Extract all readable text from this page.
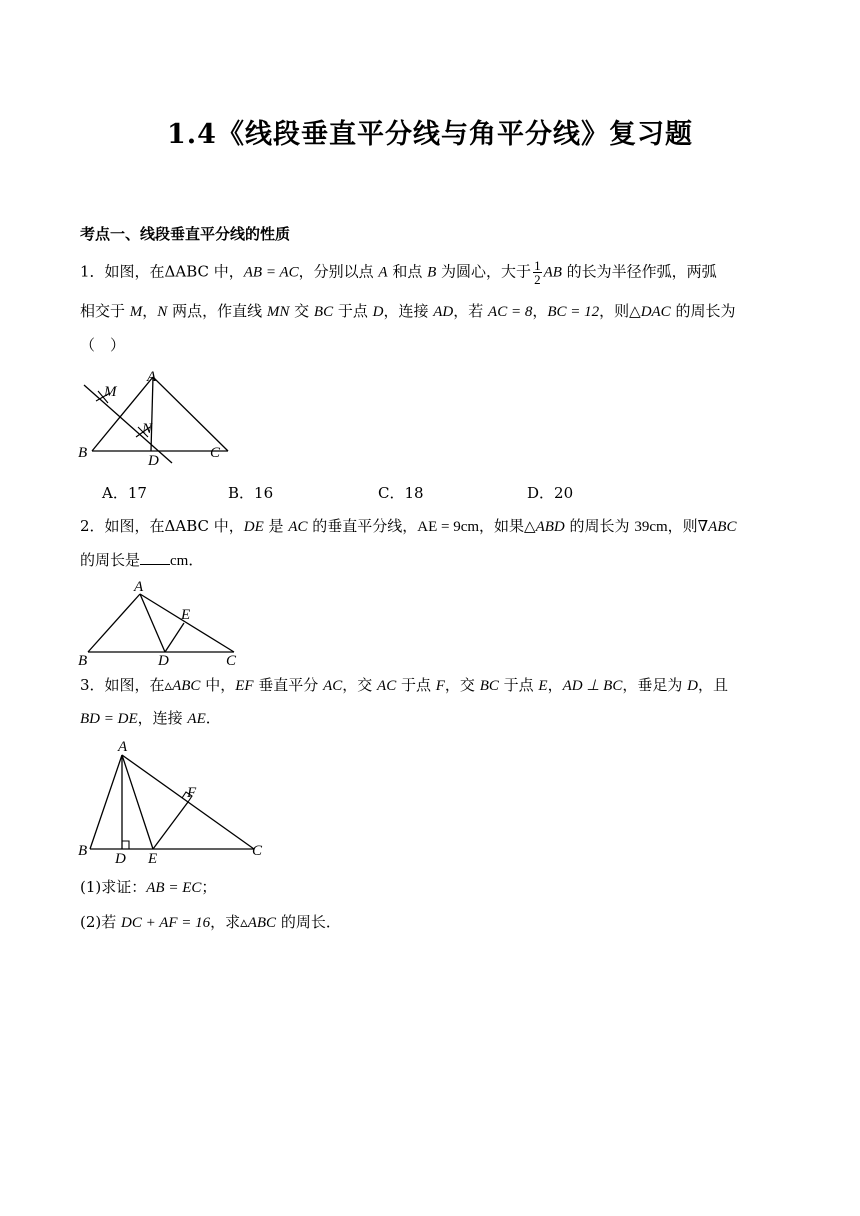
1.4《线段垂直平分线与角平分线》复习题
考点一、线段垂直平分线的性质
1．如图，在ΔABC 中，AB = AC，分别以点 A 和点 B 为圆心，大于 $\frac{1}{2}$ AB 的长为半径作弧，两弧
相交于 M，N 两点，作直线 MN 交 BC 于点 D，连接 AD，若 AC = 8，BC = 12，则△DAC 的周长为
（　）
A
B	C
D
M
N
A．17	B．16	C．18	D．20
2．如图，在ΔABC 中，DE 是 AC 的垂直平分线，AE = 9cm，如果△ABD 的周长为 39cm，则∇ABC
的周长是 cm．
A
B	C
D
E
3．如图，在▵ABC 中，EF 垂直平分 AC，交 AC 于点 F，交 BC 于点 E，AD ⊥ BC，垂足为 D，且
BD = DE，连接 AE．
A
B	C
D E
F
(1)求证：AB = EC；
(2)若 DC + AF = 16，求▵ABC 的周长．
